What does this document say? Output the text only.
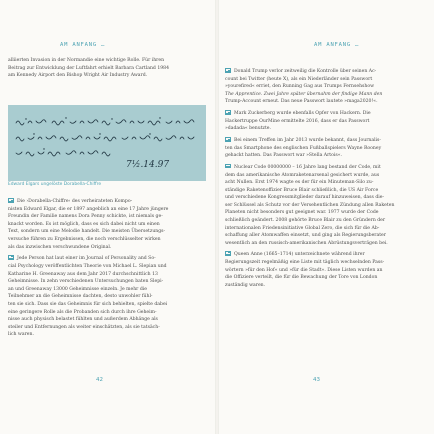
AM ANFANG …

alliierten Invasion in der Normandie eine wichtige Rolle. Für ihren

Beitrag zur Entwicklung der Luftfahrt erhielt Barbara Cartland 1984

am Kennedy Airport den Bishop Wright Air Industry Award.

7½.14.97
Edward Elgars ungelöste Dorabella-Chiffre

Die ›Dorabella-Chiffre‹ des verheirateten Kompo-

nisten Edward Elgar, die er 1897 angeblich an eine 17 Jahre jüngere

Freundin der Familie namens Dora Penny schickte, ist niemals ge-

knackt worden. Es ist möglich, dass es sich dabei nicht um einen

Text, sondern um eine Melodie handelt. Die meisten Übersetzungs-

versuche führen zu Ergebnissen, die noch verschlüsselter wirken

als das inzwischen verschwundene Original.

Jede Person hat laut einer im Journal of Personality and So-

cial Psychology veröffentlichten Theorie von Michael L. Slepian und

Katharine H. Greenaway aus dem Jahr 2017 durchschnittlich 13

Geheimnisse. In zehn verschiedenen Untersuchungen baten Slepi-

an und Greenaway 13000 Geheimnisse einzeln. Je mehr die

Teilnehmer an die Geheimnisse dachten, desto unwohler fühl-

ten sie sich. Dass sie das Geheimnis für sich behielten, spielte dabei

eine geringere Rolle als die Probanden sich durch ihre Geheim-

nisse auch physisch belastet fühlten und außerdem Abhänge als

steiler und Entfernungen als weiter einschätzten, als sie tatsäch-

lich waren.

42
AM ANFANG …

Donald Trump verlor zeitweilig die Kontrolle über seinen Ac-

count bei Twitter (heute X), als ein Niederländer sein Passwort

»yourefired« erriet, den Running Gag aus Trumps Fernsehshow

The Apprentice. Zwei Jahre später übernahm der findige Mann den

Trump-Account erneut. Das neue Passwort lautete »maga2020!«.

Mark Zuckerberg wurde ebenfalls Opfer von Hackern. Die

Hackertruppe OurMine ermittelte 2016, dass er das Passwort

»dadada« benutzte.

Bei einem Treffen im Jahr 2013 wurde bekannt, dass Journalis-

ten das Smartphone des englischen Fußballspielers Wayne Rooney

gehackt hatten. Das Passwort war »Stella Artois«.

Nuclear Code 00000000 – 16 Jahre lang bestand der Code, mit

dem das amerikanische Atomraketenarsenal gesichert wurde, aus

acht Nullen. Erst 1974 wagte es der für ein Minuteman-Silo zu-

ständige Raketenoffizier Bruce Blair schließlich, die US Air Force

und verschiedene Kongressmitglieder darauf hinzuweisen, dass die-

ser Schlüssel als Schutz vor der Versehentlichen Zündung allen Raketen

Planeten nicht besonders gut geeignet war. 1977 wurde der Code

schließlich geändert. 2008 gehörte Bruce Blair zu den Gründern der

internationalen Friedensinitiative Global Zero, die sich für die Ab-

schaffung aller Atomwaffen einsetzt, und ging als Regierungsberater

wesentlich an den russisch-amerikanischen Abrüstungsverträgen bei.

Queen Anne (1665–1714) unterzeichnete während ihrer

Regierungszeit regelmäßig eine Liste mit täglich wechselnden Pass-

wörtern »für den Hof« und »für die Stadt«. Diese Listen wurden an

die Offiziere verteilt, die für die Bewachung der Tore von London

zuständig waren.

43
